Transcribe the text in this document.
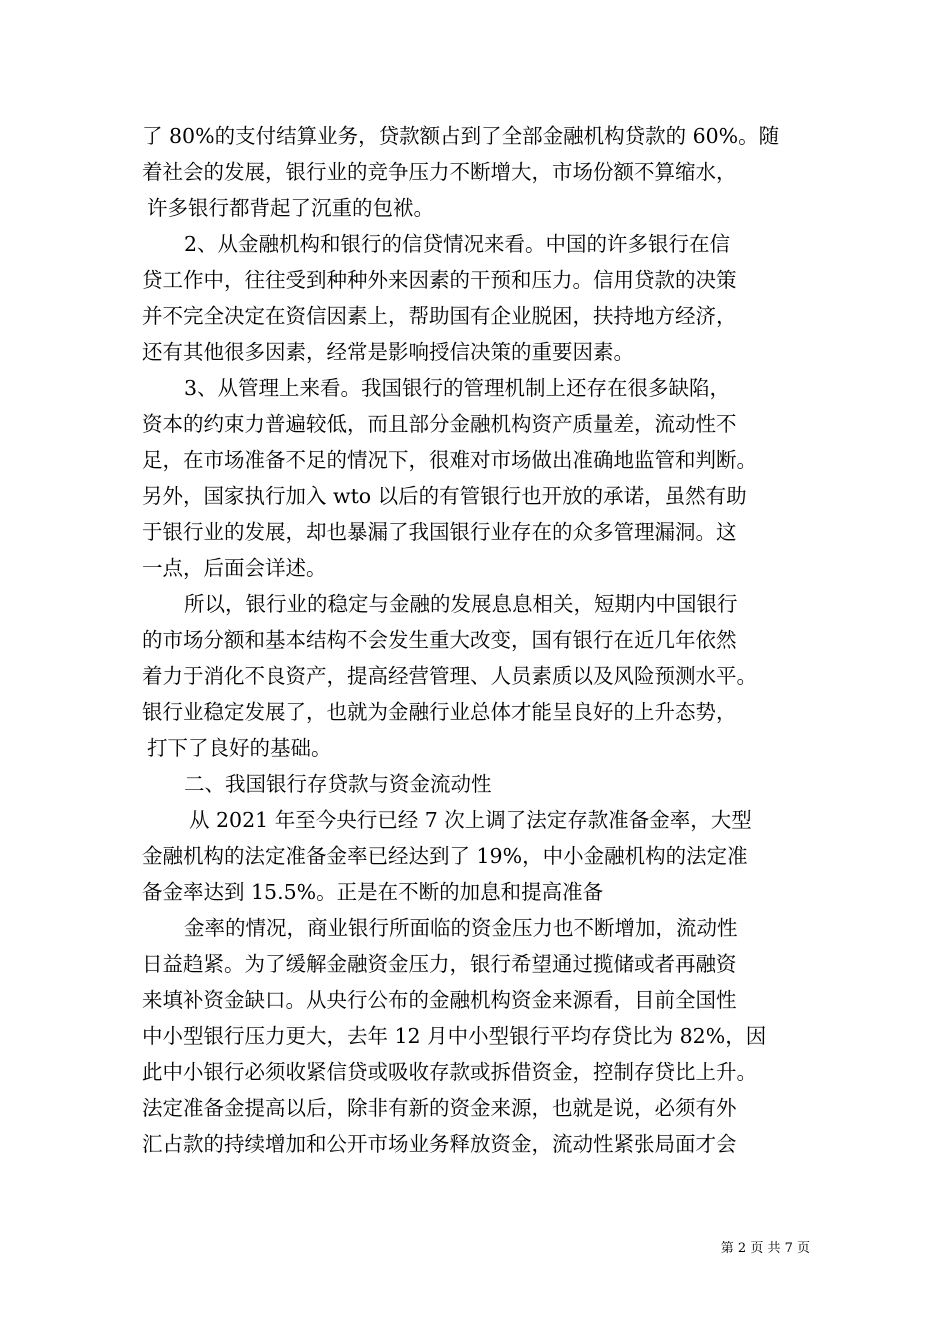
了 80%的支付结算业务，贷款额占到了全部金融机构贷款的 60%。随
着社会的发展，银行业的竞争压力不断增大，市场份额不算缩水，
许多银行都背起了沉重的包袱。
2、从金融机构和银行的信贷情况来看。中国的许多银行在信
贷工作中，往往受到种种外来因素的干预和压力。信用贷款的决策
并不完全决定在资信因素上，帮助国有企业脱困，扶持地方经济，
还有其他很多因素，经常是影响授信决策的重要因素。
3、从管理上来看。我国银行的管理机制上还存在很多缺陷，
资本的约束力普遍较低，而且部分金融机构资产质量差，流动性不
足，在市场准备不足的情况下，很难对市场做出准确地监管和判断。
另外，国家执行加入 wto 以后的有管银行也开放的承诺，虽然有助
于银行业的发展，却也暴漏了我国银行业存在的众多管理漏洞。这
一点，后面会详述。
所以，银行业的稳定与金融的发展息息相关，短期内中国银行
的市场分额和基本结构不会发生重大改变，国有银行在近几年依然
着力于消化不良资产，提高经营管理、人员素质以及风险预测水平。
银行业稳定发展了，也就为金融行业总体才能呈良好的上升态势，
打下了良好的基础。
二、我国银行存贷款与资金流动性
从 2021 年至今央行已经 7 次上调了法定存款准备金率，大型
金融机构的法定准备金率已经达到了 19%，中小金融机构的法定准
备金率达到 15.5%。正是在不断的加息和提高准备
金率的情况，商业银行所面临的资金压力也不断增加，流动性
日益趋紧。为了缓解金融资金压力，银行希望通过揽储或者再融资
来填补资金缺口。从央行公布的金融机构资金来源看，目前全国性
中小型银行压力更大，去年 12 月中小型银行平均存贷比为 82%，因
此中小银行必须收紧信贷或吸收存款或拆借资金，控制存贷比上升。
法定准备金提高以后，除非有新的资金来源，也就是说，必须有外
汇占款的持续增加和公开市场业务释放资金，流动性紧张局面才会
第 2 页 共 7 页
